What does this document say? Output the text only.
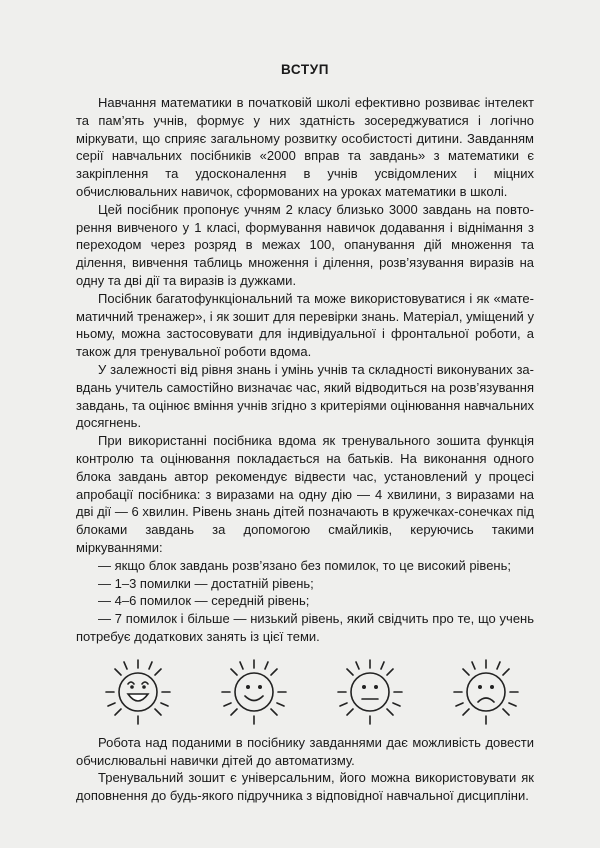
ВСТУП

Навчання математики в початковій школі ефективно розвиває інтелект та пам’ять учнів, формує у них здатність зосереджуватися і логічно міркувати, що сприяє загальному розвитку особистості дитини. Завданням серії навчальних посібників «2000 вправ та завдань» з математики є закріплення та удосконалення в учнів усвідомлених і міцних обчислювальних навичок, сформованих на уроках математики в школі.

Цей посібник пропонує учням 2 класу близько 3000 завдань на повторення вивченого у 1 класі, формування навичок додавання і віднімання з переходом через розряд в межах 100, опанування дій множення та ділення, вивчення таблиць множення і ділення, розв’язування виразів на одну та дві дії та виразів із дужками.

Посібник багатофункціональний та може використовуватися і як «математичний тренажер», і як зошит для перевірки знань. Матеріал, уміщений у ньому, можна застосовувати для індивідуальної і фронтальної роботи, а також для тренувальної роботи вдома.

У залежності від рівня знань і умінь учнів та складності виконуваних завдань учитель самостійно визначає час, який відводиться на розв’язування завдань, та оцінює вміння учнів згідно з критеріями оцінювання навчальних досягнень.

При використанні посібника вдома як тренувального зошита функція контролю та оцінювання покладається на батьків. На виконання одного блока завдань автор рекомендує відвести час, установлений у процесі апробації посібника: з виразами на одну дію — 4 хвилини, з виразами на дві дії — 6 хвилин. Рівень знань дітей позначають в кружечках-сонечках під блоками завдань за допомогою смайликів, керуючись такими міркуваннями:

— якщо блок завдань розв’язано без помилок, то це високий рівень;
— 1–3 помилки — достатній рівень;
— 4–6 помилок — середній рівень;
— 7 помилок і більше — низький рівень, який свідчить про те, що учень потребує додаткових занять із цієї теми.

Робота над поданими в посібнику завданнями дає можливість довести обчислювальні навички дітей до автоматизму.

Тренувальний зошит є універсальним, його можна використовувати як доповнення до будь-якого підручника з відповідної навчальної дисципліни.
